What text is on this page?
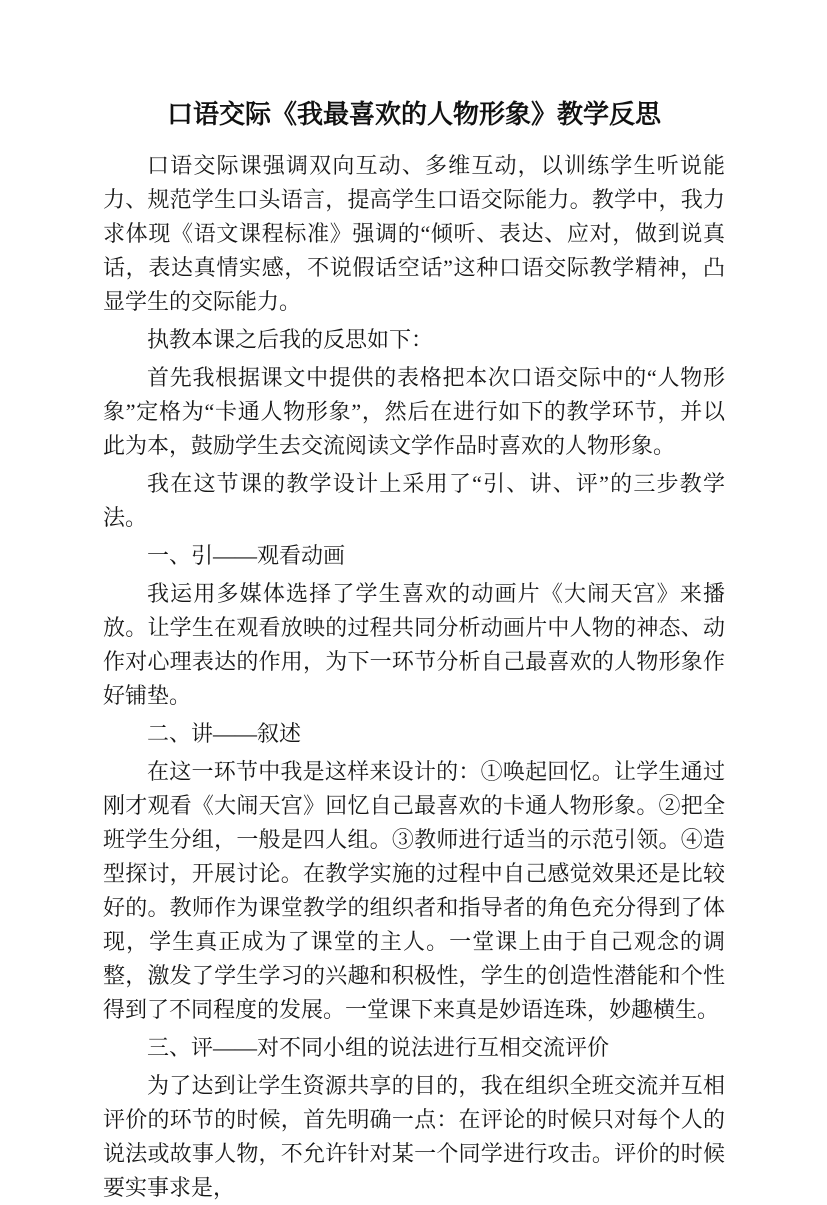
口语交际《我最喜欢的人物形象》教学反思

口语交际课强调双向互动、多维互动，以训练学生听说能力、规范学生口头语言，提高学生口语交际能力。教学中，我力求体现《语文课程标准》强调的“倾听、表达、应对，做到说真话，表达真情实感，不说假话空话”这种口语交际教学精神，凸显学生的交际能力。

执教本课之后我的反思如下：

首先我根据课文中提供的表格把本次口语交际中的“人物形象”定格为“卡通人物形象”，然后在进行如下的教学环节，并以此为本，鼓励学生去交流阅读文学作品时喜欢的人物形象。

我在这节课的教学设计上采用了“引、讲、评”的三步教学法。

一、引——观看动画

我运用多媒体选择了学生喜欢的动画片《大闹天宫》来播放。让学生在观看放映的过程共同分析动画片中人物的神态、动作对心理表达的作用，为下一环节分析自己最喜欢的人物形象作好铺垫。

二、讲——叙述

在这一环节中我是这样来设计的：①唤起回忆。让学生通过刚才观看《大闹天宫》回忆自己最喜欢的卡通人物形象。②把全班学生分组，一般是四人组。③教师进行适当的示范引领。④造型探讨，开展讨论。在教学实施的过程中自己感觉效果还是比较好的。教师作为课堂教学的组织者和指导者的角色充分得到了体现，学生真正成为了课堂的主人。一堂课上由于自己观念的调整，激发了学生学习的兴趣和积极性，学生的创造性潜能和个性得到了不同程度的发展。一堂课下来真是妙语连珠，妙趣横生。

三、评——对不同小组的说法进行互相交流评价

为了达到让学生资源共享的目的，我在组织全班交流并互相评价的环节的时候，首先明确一点：在评论的时候只对每个人的说法或故事人物，不允许针对某一个同学进行攻击。评价的时候要实事求是，
